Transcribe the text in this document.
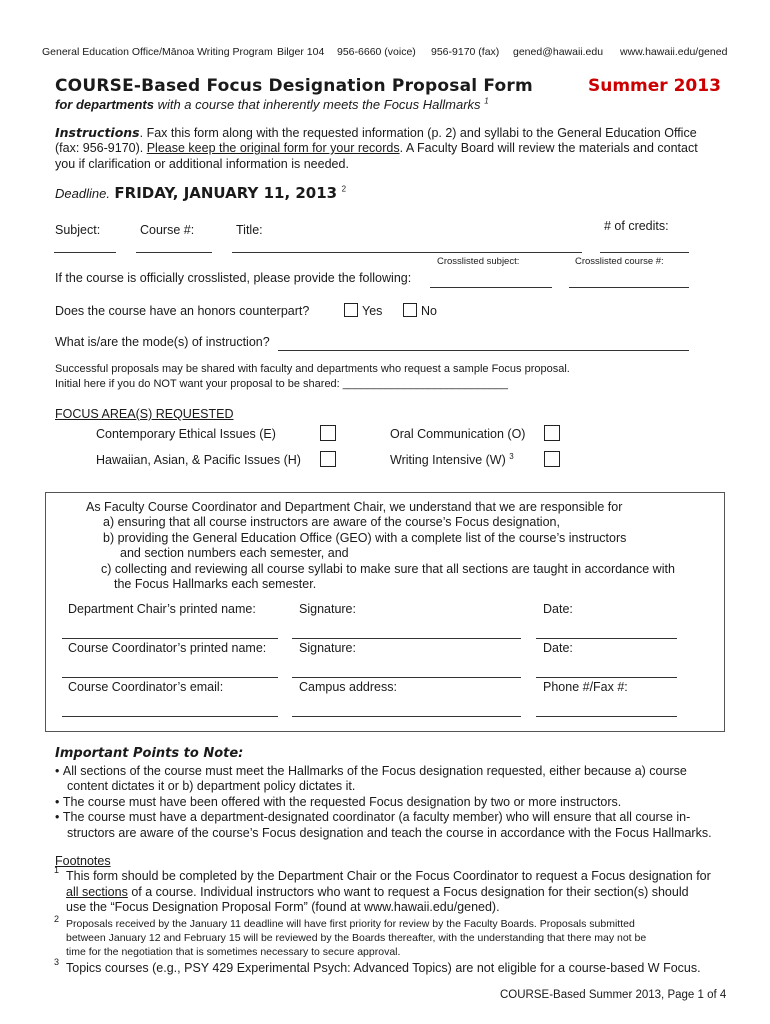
General Education Office/Mānoa Writing Program Bilger 104 956-6660 (voice) 956-9170 (fax) gened@hawaii.edu www.hawaii.edu/gened
COURSE-Based Focus Designation Proposal Form	Summer 2013
for departments with a course that inherently meets the Focus Hallmarks $^1$
Instructions. Fax this form along with the requested information (p. 2) and syllabi to the General Education Office
(fax: 956-9170). Please keep the original form for your records. A Faculty Board will review the materials and contact
you if clarification or additional information is needed.
Deadline. FRIDAY, JANUARY 11, 2013 $^2$
Subject:	Course #:	Title:	# of credits:
Crosslisted subject:	Crosslisted course #:
If the course is officially crosslisted, please provide the following:
Does the course have an honors counterpart?	Yes	No
What is/are the mode(s) of instruction?
Successful proposals may be shared with faculty and departments who request a sample Focus proposal.
Initial here if you do NOT want your proposal to be shared: ___________________________
FOCUS AREA(S) REQUESTED
Contemporary Ethical Issues (E)	Oral Communication (O)
Hawaiian, Asian, & Pacific Issues (H)	Writing Intensive (W) $^3$
As Faculty Course Coordinator and Department Chair, we understand that we are responsible for
a) ensuring that all course instructors are aware of the course’s Focus designation,
b) providing the General Education Office (GEO) with a complete list of the course’s instructors
and section numbers each semester, and
c) collecting and reviewing all course syllabi to make sure that all sections are taught in accordance with
the Focus Hallmarks each semester.
Department Chair’s printed name:	Signature:	Date:
Course Coordinator’s printed name:	Signature:	Date:
Course Coordinator’s email:	Campus address:	Phone #/Fax #:
Important Points to Note:
• All sections of the course must meet the Hallmarks of the Focus designation requested, either because a) course
content dictates it or b) department policy dictates it.
• The course must have been offered with the requested Focus designation by two or more instructors.
• The course must have a department-designated coordinator (a faculty member) who will ensure that all course in-
structors are aware of the course’s Focus designation and teach the course in accordance with the Focus Hallmarks.
Footnotes
1 This form should be completed by the Department Chair or the Focus Coordinator to request a Focus designation for
all sections of a course. Individual instructors who want to request a Focus designation for their section(s) should
use the “Focus Designation Proposal Form” (found at www.hawaii.edu/gened).
2 Proposals received by the January 11 deadline will have first priority for review by the Faculty Boards. Proposals submitted
between January 12 and February 15 will be reviewed by the Boards thereafter, with the understanding that there may not be
time for the negotiation that is sometimes necessary to secure approval.
3 Topics courses (e.g., PSY 429 Experimental Psych: Advanced Topics) are not eligible for a course-based W Focus.
COURSE-Based Summer 2013, Page 1 of 4
